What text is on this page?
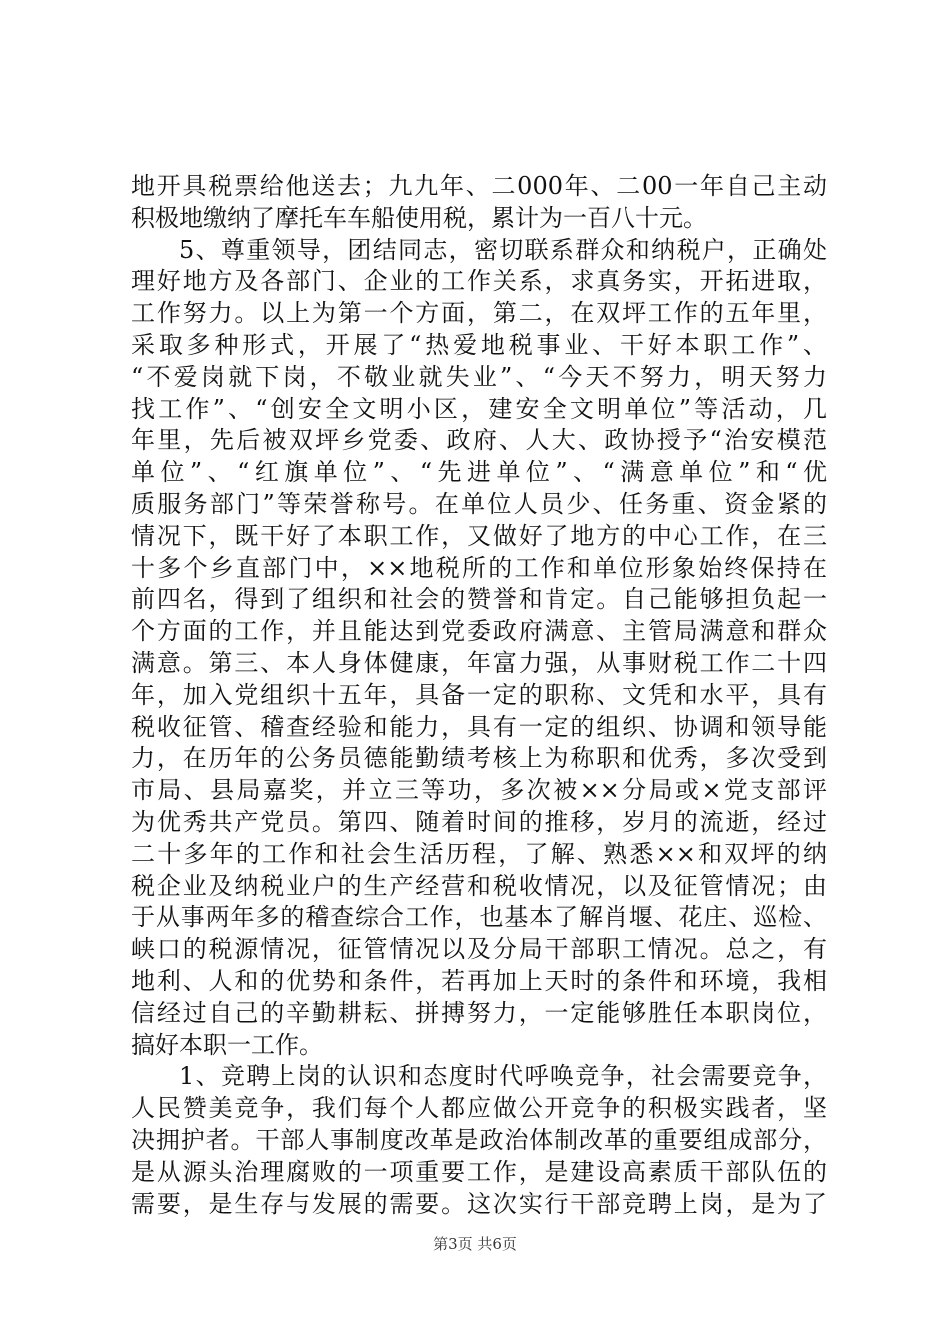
地开具税票给他送去；九九年、二000年、二00一年自己主动
积极地缴纳了摩托车车船使用税，累计为一百八十元。
5、尊重领导，团结同志，密切联系群众和纳税户，正确处
理好地方及各部门、企业的工作关系，求真务实，开拓进取，
工作努力。以上为第一个方面，第二，在双坪工作的五年里，
采取多种形式，开展了“热爱地税事业、干好本职工作”、
“不爱岗就下岗，不敬业就失业”、“今天不努力，明天努力
找工作”、“创安全文明小区，建安全文明单位”等活动，几
年里，先后被双坪乡党委、政府、人大、政协授予“治安模范
单位”、“红旗单位”、“先进单位”、“满意单位”和“优
质服务部门”等荣誉称号。在单位人员少、任务重、资金紧的
情况下，既干好了本职工作，又做好了地方的中心工作，在三
十多个乡直部门中，××地税所的工作和单位形象始终保持在
前四名，得到了组织和社会的赞誉和肯定。自己能够担负起一
个方面的工作，并且能达到党委政府满意、主管局满意和群众
满意。第三、本人身体健康，年富力强，从事财税工作二十四
年，加入党组织十五年，具备一定的职称、文凭和水平，具有
税收征管、稽查经验和能力，具有一定的组织、协调和领导能
力，在历年的公务员德能勤绩考核上为称职和优秀，多次受到
市局、县局嘉奖，并立三等功，多次被××分局或×党支部评
为优秀共产党员。第四、随着时间的推移，岁月的流逝，经过
二十多年的工作和社会生活历程，了解、熟悉××和双坪的纳
税企业及纳税业户的生产经营和税收情况，以及征管情况；由
于从事两年多的稽查综合工作，也基本了解肖堰、花庄、巡检、
峡口的税源情况，征管情况以及分局干部职工情况。总之，有
地利、人和的优势和条件，若再加上天时的条件和环境，我相
信经过自己的辛勤耕耘、拼搏努力，一定能够胜任本职岗位，
搞好本职一工作。
1、竞聘上岗的认识和态度时代呼唤竞争，社会需要竞争，
人民赞美竞争，我们每个人都应做公开竞争的积极实践者，坚
决拥护者。干部人事制度改革是政治体制改革的重要组成部分，
是从源头治理腐败的一项重要工作，是建设高素质干部队伍的
需要，是生存与发展的需要。这次实行干部竞聘上岗，是为了
第3页 共6页
